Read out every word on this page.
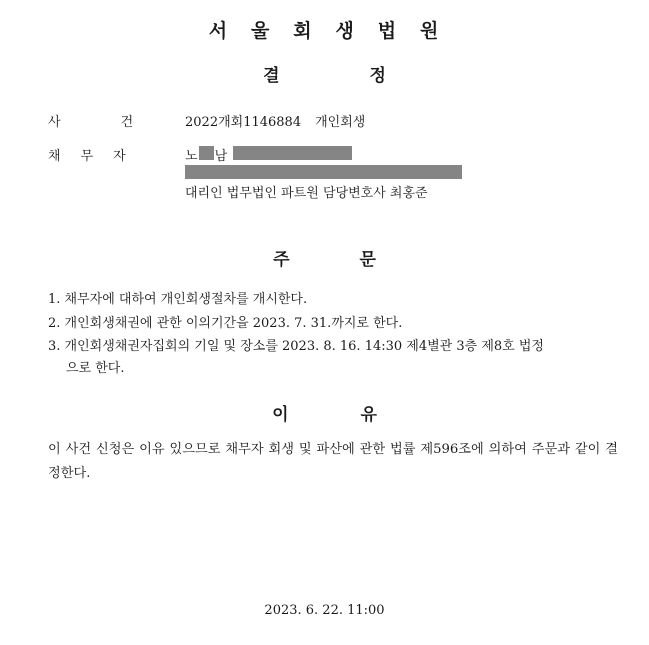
서 울 회 생 법 원
결	정
사	건	2022개회1146884 개인회생
채 무 자	노 남
대리인 법무법인 파트원 담당변호사 최홍준
주	문
1. 채무자에 대하여 개인회생절차를 개시한다.
2. 개인회생채권에 관한 이의기간을 2023. 7. 31.까지로 한다.
3. 개인회생채권자집회의 기일 및 장소를 2023. 8. 16. 14:30 제4별관 3층 제8호 법정
으로 한다.
이	유
이 사건 신청은 이유 있으므로 채무자 회생 및 파산에 관한 법률 제596조에 의하여 주문과 같이 결정한다.
2023. 6. 22. 11:00
